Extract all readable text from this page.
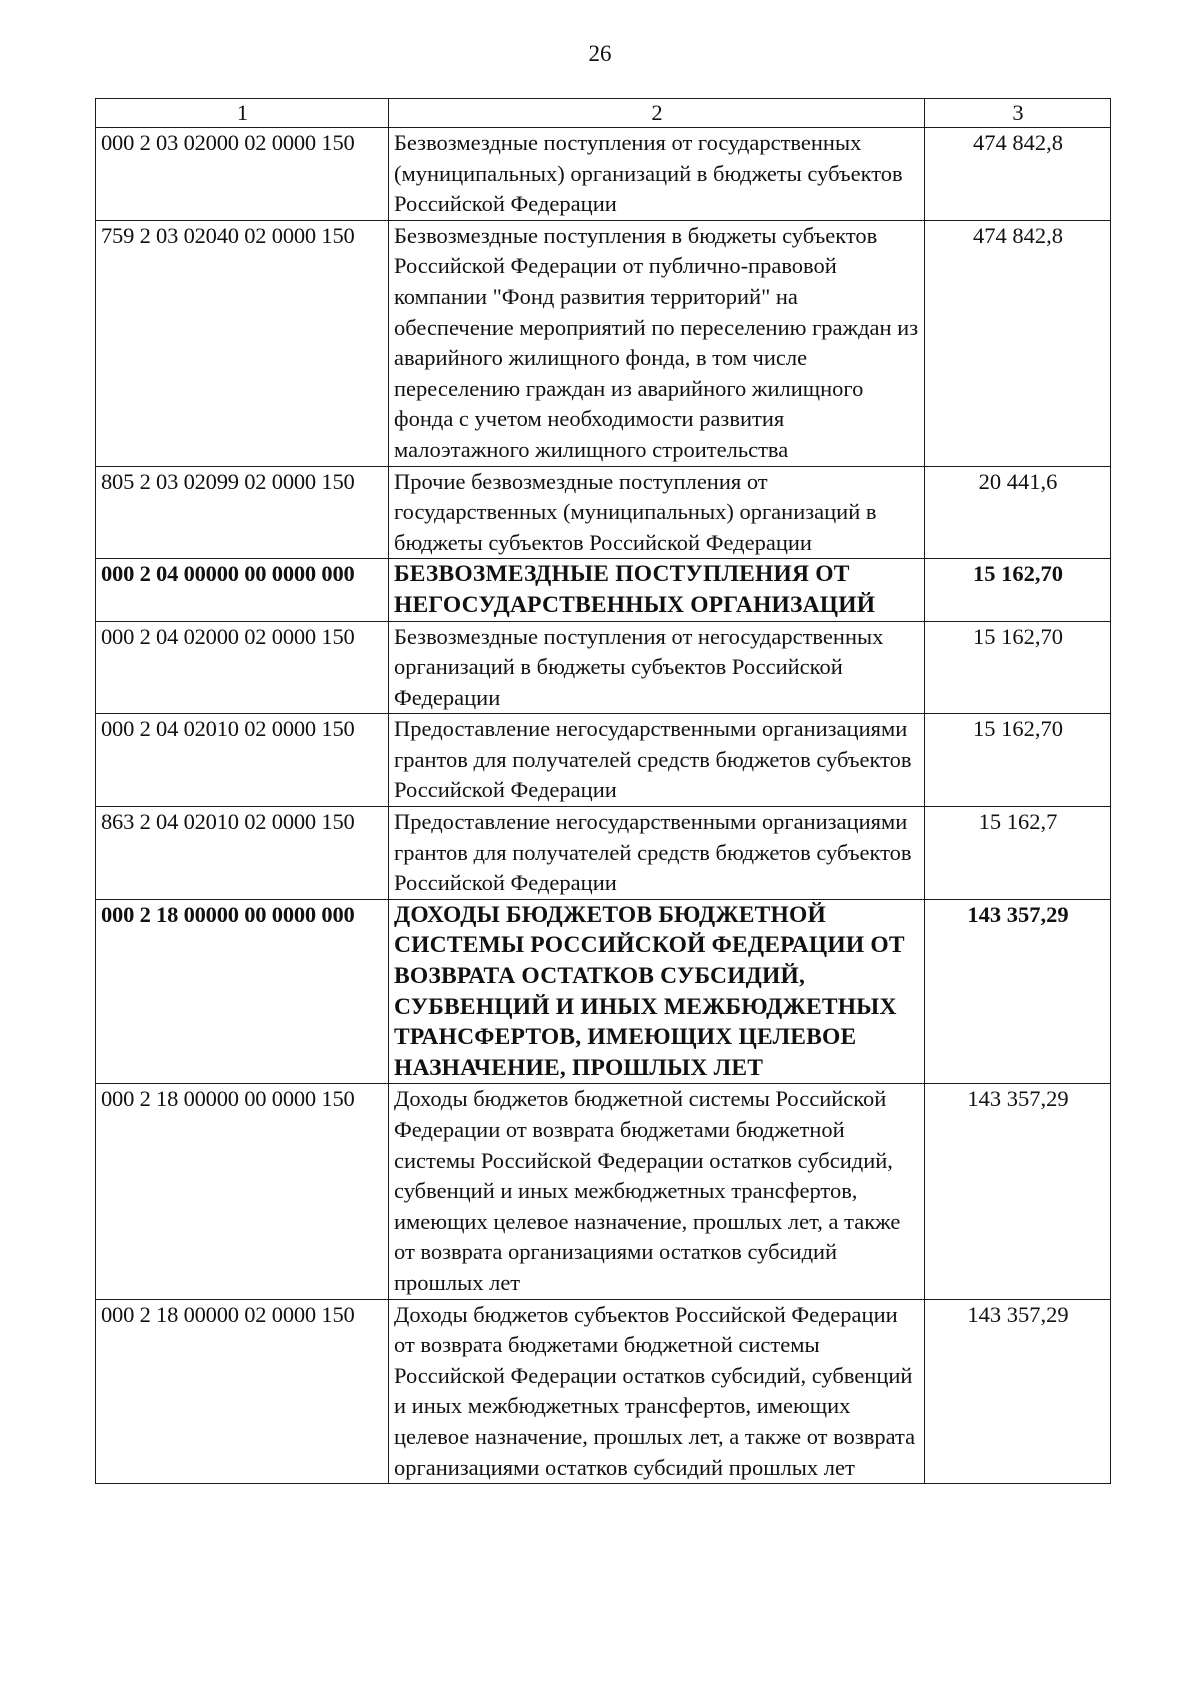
26
1	2	3
000 2 03 02000 02 0000 150	Безвозмездные поступления от государственных (муниципальных) организаций в бюджеты субъектов Российской Федерации	474 842,8
759 2 03 02040 02 0000 150	Безвозмездные поступления в бюджеты субъектов Российской Федерации от публично-правовой компании "Фонд развития территорий" на обеспечение мероприятий по переселению граждан из аварийного жилищного фонда, в том числе переселению граждан из аварийного жилищного фонда с учетом необходимости развития малоэтажного жилищного строительства	474 842,8
805 2 03 02099 02 0000 150	Прочие безвозмездные поступления от государственных (муниципальных) организаций в бюджеты субъектов Российской Федерации	20 441,6
000 2 04 00000 00 0000 000	БЕЗВОЗМЕЗДНЫЕ ПОСТУПЛЕНИЯ ОТ НЕГОСУДАРСТВЕННЫХ ОРГАНИЗАЦИЙ	15 162,70
000 2 04 02000 02 0000 150	Безвозмездные поступления от негосударственных организаций в бюджеты субъектов Российской Федерации	15 162,70
000 2 04 02010 02 0000 150	Предоставление негосударственными организациями грантов для получателей средств бюджетов субъектов Российской Федерации	15 162,70
863 2 04 02010 02 0000 150	Предоставление негосударственными организациями грантов для получателей средств бюджетов субъектов Российской Федерации	15 162,7
000 2 18 00000 00 0000 000	ДОХОДЫ БЮДЖЕТОВ БЮДЖЕТНОЙ СИСТЕМЫ РОССИЙСКОЙ ФЕДЕРАЦИИ ОТ ВОЗВРАТА ОСТАТКОВ СУБСИДИЙ, СУБВЕНЦИЙ И ИНЫХ МЕЖБЮДЖЕТНЫХ ТРАНСФЕРТОВ, ИМЕЮЩИХ ЦЕЛЕВОЕ НАЗНАЧЕНИЕ, ПРОШЛЫХ ЛЕТ	143 357,29
000 2 18 00000 00 0000 150	Доходы бюджетов бюджетной системы Российской Федерации от возврата бюджетами бюджетной системы Российской Федерации остатков субсидий, субвенций и иных межбюджетных трансфертов, имеющих целевое назначение, прошлых лет, а также от возврата организациями остатков субсидий прошлых лет	143 357,29
000 2 18 00000 02 0000 150	Доходы бюджетов субъектов Российской Федерации от возврата бюджетами бюджетной системы Российской Федерации остатков субсидий, субвенций и иных межбюджетных трансфертов, имеющих целевое назначение, прошлых лет, а также от возврата организациями остатков субсидий прошлых лет	143 357,29
